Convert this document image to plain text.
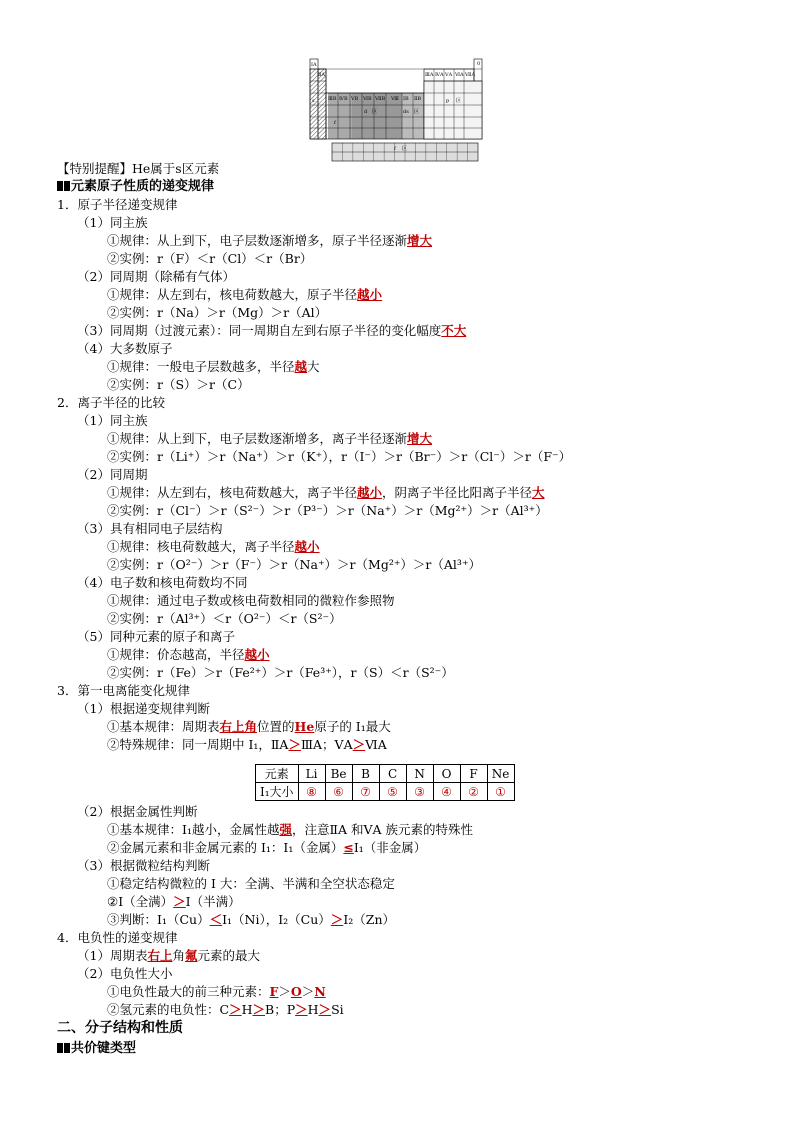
ⅠA	0
ⅡA
ⅢB ⅣB ⅤB ⅥB ⅦB Ⅷ ⅠB ⅡB
ⅢA ⅣA ⅤA ⅥA ⅦA
s
d 区	ds 区
p 区
f
f 区
【特别提醒】He属于s区元素
元素原子性质的递变规律
1．原子半径递变规律
（1）同主族
①规律：从上到下，电子层数逐渐增多，原子半径逐渐增大
②实例：r（F）＜r（Cl）＜r（Br）
（2）同周期（除稀有气体）
①规律：从左到右，核电荷数越大，原子半径越小
②实例：r（Na）＞r（Mg）＞r（Al）
（3）同周期（过渡元素）：同一周期自左到右原子半径的变化幅度不大
（4）大多数原子
①规律：一般电子层数越多，半径越大
②实例：r（S）＞r（C）
2．离子半径的比较
（1）同主族
①规律：从上到下，电子层数逐渐增多，离子半径逐渐增大
②实例：r（Li⁺）＞r（Na⁺）＞r（K⁺），r（I⁻）＞r（Br⁻）＞r（Cl⁻）＞r（F⁻）
（2）同周期
①规律：从左到右，核电荷数越大，离子半径越小，阴离子半径比阳离子半径大
②实例：r（Cl⁻）＞r（S²⁻）＞r（P³⁻）＞r（Na⁺）＞r（Mg²⁺）＞r（Al³⁺）
（3）具有相同电子层结构
①规律：核电荷数越大，离子半径越小
②实例：r（O²⁻）＞r（F⁻）＞r（Na⁺）＞r（Mg²⁺）＞r（Al³⁺）
（4）电子数和核电荷数均不同
①规律：通过电子数或核电荷数相同的微粒作参照物
②实例：r（Al³⁺）＜r（O²⁻）＜r（S²⁻）
（5）同种元素的原子和离子
①规律：价态越高，半径越小
②实例：r（Fe）＞r（Fe²⁺）＞r（Fe³⁺），r（S）＜r（S²⁻）
3．第一电离能变化规律
（1）根据递变规律判断
①基本规律：周期表右上角位置的He原子的 I₁最大
②特殊规律：同一周期中 I₁，ⅡA＞ⅢA；ⅤA＞ⅥA
元素	Li	Be	B	C	N	O	F	Ne
I₁大小	⑧	⑥	⑦	⑤	③	④	②	①
（2）根据金属性判断
①基本规律：I₁越小，金属性越强，注意ⅡA 和ⅤA 族元素的特殊性
②金属元素和非金属元素的 I₁：I₁（金属）≤I₁（非金属）
（3）根据微粒结构判断
①稳定结构微粒的 I 大：全满、半满和全空状态稳定
②I（全满）＞I（半满）
③判断：I₁（Cu）＜I₁（Ni），I₂（Cu）＞I₂（Zn）
4．电负性的递变规律
（1）周期表右上角氟元素的最大
（2）电负性大小
①电负性最大的前三种元素：F＞O＞N
②氢元素的电负性：C＞H＞B；P＞H＞Si
二、分子结构和性质
共价键类型
